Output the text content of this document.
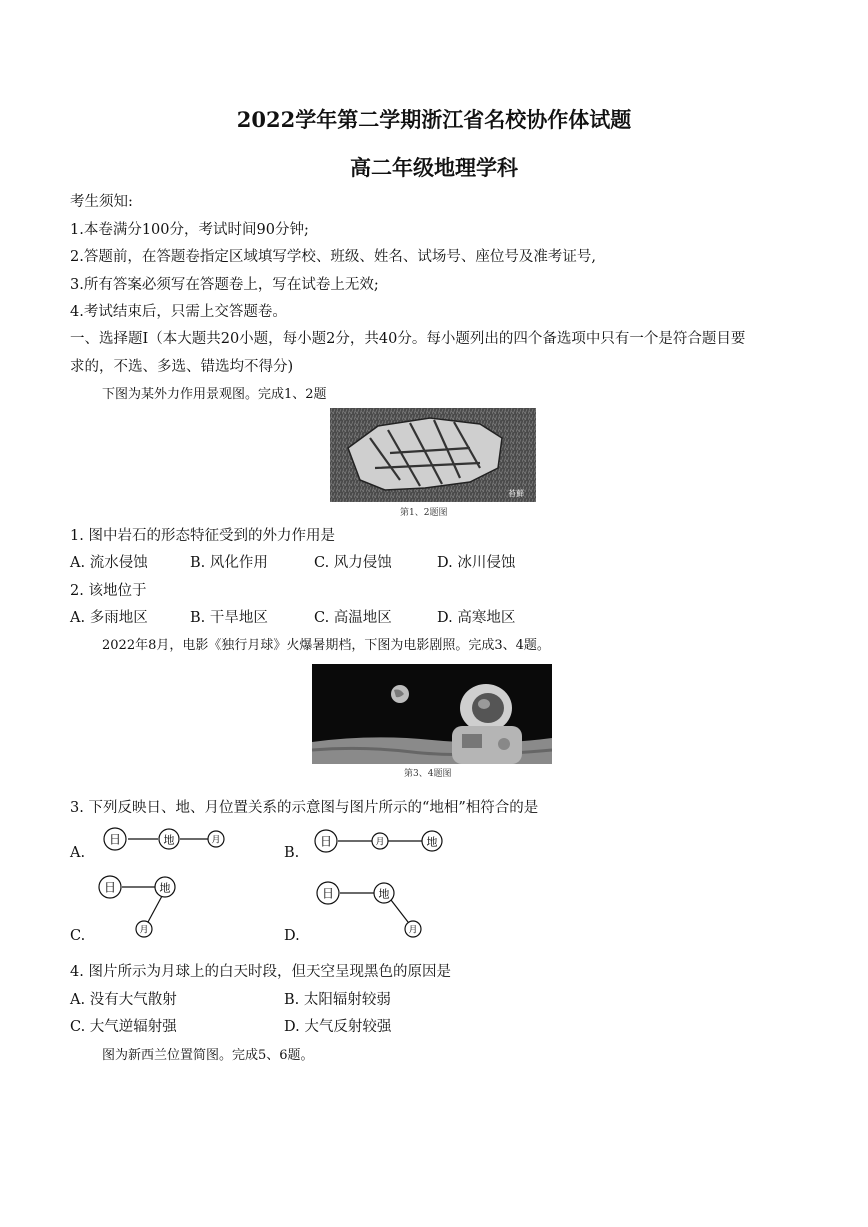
2022学年第二学期浙江省名校协作体试题
高二年级地理学科
考生须知:
1.本卷满分100分，考试时间90分钟;
2.答题前，在答题卷指定区域填写学校、班级、姓名、试场号、座位号及准考证号,
3.所有答案必须写在答题卷上，写在试卷上无效;
4.考试结束后，只需上交答题卷。
一、选择题Ⅰ（本大题共20小题，每小题2分，共40分。每小题列出的四个备选项中只有一个是符合题目要
求的，不选、多选、错选均不得分)
下图为某外力作用景观图。完成1、2题
苔藓
第1、2题图
1. 图中岩石的形态特征受到的外力作用是
A. 流水侵蚀	B. 风化作用	C. 风力侵蚀	D. 冰川侵蚀
2. 该地位于
A. 多雨地区	B. 干旱地区	C. 高温地区	D. 高寒地区
2022年8月，电影《独行月球》火爆暑期档，下图为电影剧照。完成3、4题。
第3、4题图
3. 下列反映日、地、月位置关系的示意图与图片所示的“地相”相符合的是
A.
日	地	月
B.
日	月	地
C.
日	地
月	D.
日	地
月
4. 图片所示为月球上的白天时段，但天空呈现黑色的原因是
A. 没有大气散射	B. 太阳辐射较弱
C. 大气逆辐射强	D. 大气反射较强
图为新西兰位置简图。完成5、6题。
